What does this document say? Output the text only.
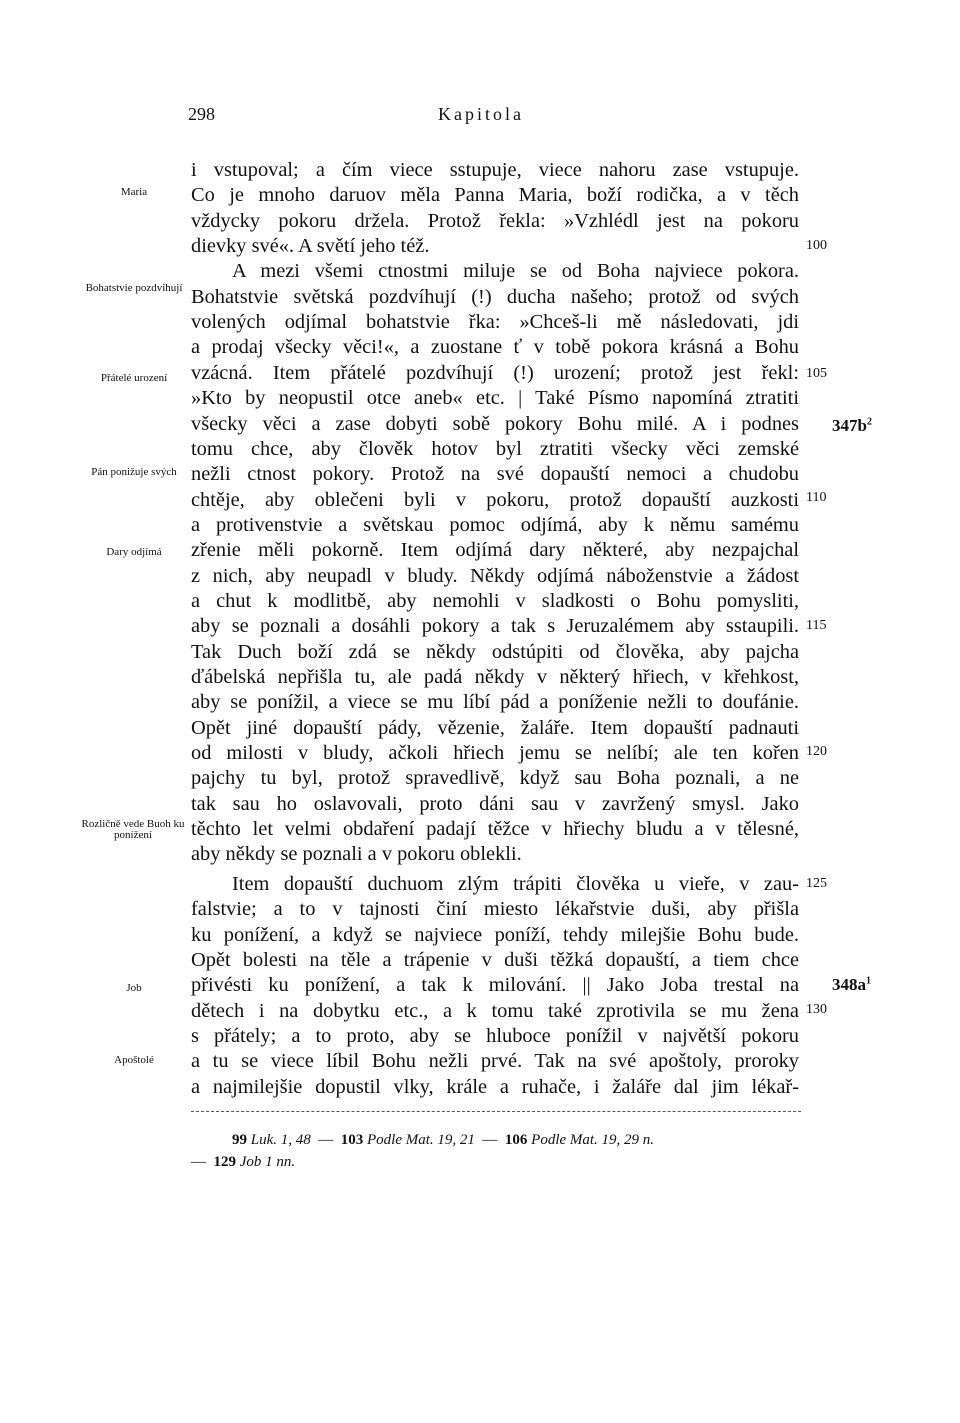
298	Kapitola
i vstupoval; a čím viece sstupuje, viece nahoru zase vstupuje.
Co je mnoho daruov měla Panna Maria, boží rodička, a v těch
vždycky pokoru držela. Protož řekla: »Vzhlédl jest na pokoru
dievky své«. A světí jeho též.
A mezi všemi ctnostmi miluje se od Boha najviece pokora.
Bohatstvie světská pozdvíhují (!) ducha našeho; protož od svých
volených odjímal bohatstvie řka: »Chceš-li mě následovati, jdi
a prodaj všecky věci!«, a zuostane ť v tobě pokora krásná a Bohu
vzácná. Item přátelé pozdvíhují (!) urození; protož jest řekl:
»Kto by neopustil otce aneb« etc. | Také Písmo napomíná ztratiti
všecky věci a zase dobyti sobě pokory Bohu milé. A i podnes
tomu chce, aby člověk hotov byl ztratiti všecky věci zemské
nežli ctnost pokory. Protož na své dopauští nemoci a chudobu
chtěje, aby oblečeni byli v pokoru, protož dopauští auzkosti
a protivenstvie a světskau pomoc odjímá, aby k němu samému
zřenie měli pokorně. Item odjímá dary některé, aby nezpajchal
z nich, aby neupadl v bludy. Někdy odjímá náboženstvie a žádost
a chut k modlitbě, aby nemohli v sladkosti o Bohu pomysliti,
aby se poznali a dosáhli pokory a tak s Jeruzalémem aby sstaupili.
Tak Duch boží zdá se někdy odstúpiti od člověka, aby pajcha
ďábelská nepřišla tu, ale padá někdy v některý hřiech, v křehkost,
aby se ponížil, a viece se mu líbí pád a poníženie nežli to doufánie.
Opět jiné dopauští pády, vězenie, žaláře. Item dopauští padnauti
od milosti v bludy, ačkoli hřiech jemu se nelíbí; ale ten kořen
pajchy tu byl, protož spravedlivě, když sau Boha poznali, a ne
tak sau ho oslavovali, proto dáni sau v zavržený smysl. Jako
těchto let velmi obdaření padají těžce v hřiechy bludu a v tělesné,
aby někdy se poznali a v pokoru oblekli.
Item dopauští duchuom zlým trápiti člověka u vieře, v zau-
falstvie; a to v tajnosti činí miesto lékařstvie duši, aby přišla
ku ponížení, a když se najviece poníží, tehdy milejšie Bohu bude.
Opět bolesti na těle a trápenie v duši těžká dopauští, a tiem chce
přivésti ku ponížení, a tak k milování. || Jako Joba trestal na
dětech i na dobytku etc., a k tomu také zprotivila se mu žena
s přátely; a to proto, aby se hluboce ponížil v najvětší pokoru
a tu se viece líbil Bohu nežli prvé. Tak na své apoštoly, proroky
a najmilejšie dopustil vlky, krále a ruhače, i žaláře dal jim lékař-
Maria
Bohatstvie pozdvihují
Přátelé urození
Pán ponižuje svých
Dary odjímá
Rozličně vede Buoh ku ponížení
Job
Apoštolé
100
105
110
115
120
125
130
$347b^2$
$348a^1$
99 Luk. 1, 48 — 103 Podle Mat. 19, 21 — 106 Podle Mat. 19, 29 n.
— 129 Job 1 nn.
